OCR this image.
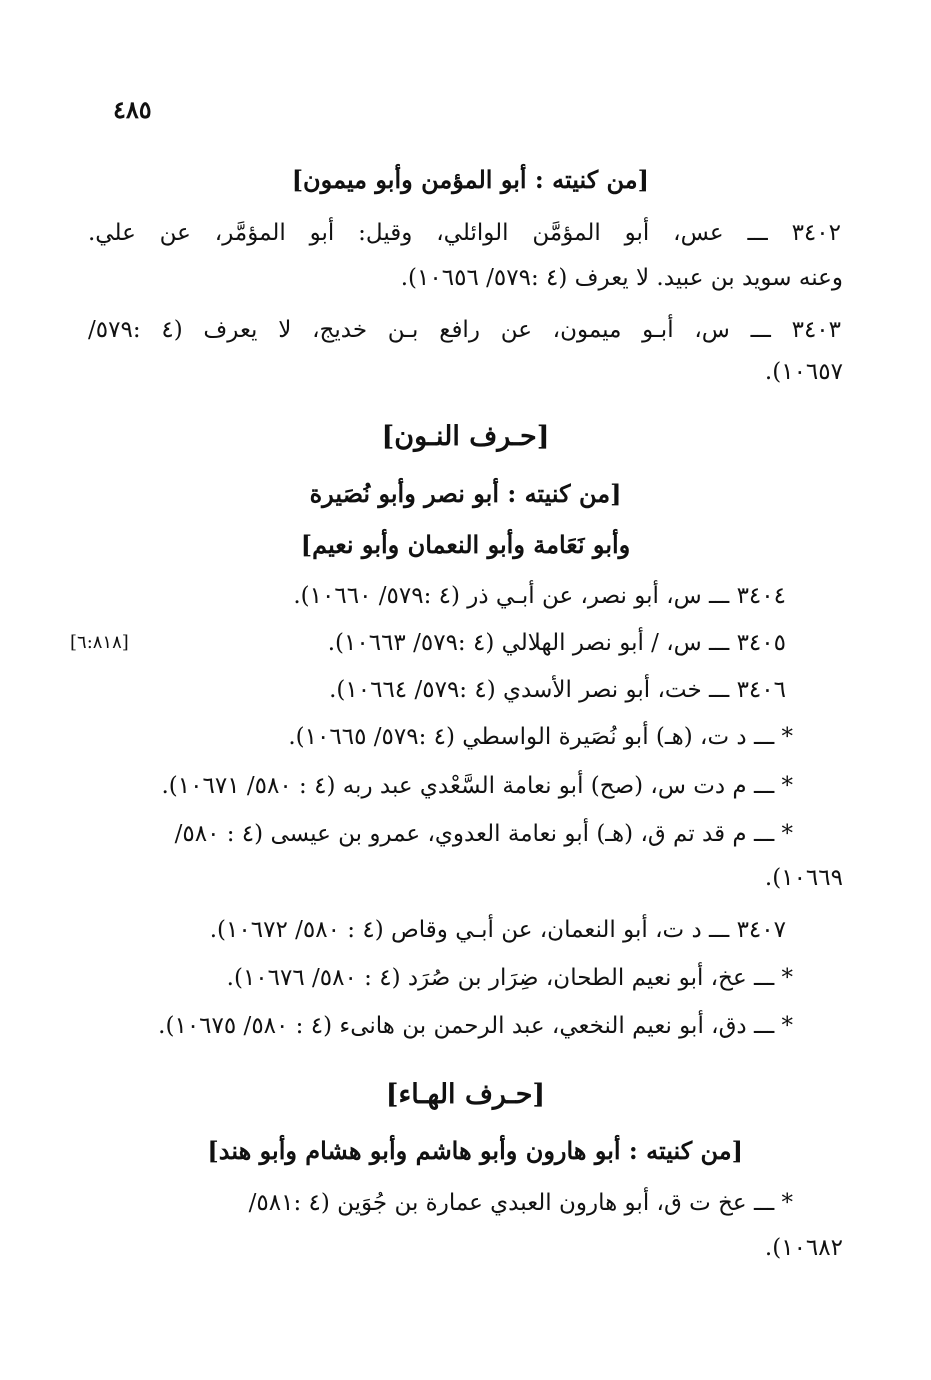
٤٨٥
[من كنيته : أبو المؤمن وأبو ميمون]
٣٤٠٢ ـــ عس، أبو المؤمَّن الوائلي، وقيل: أبو المؤمَّر، عن علي.
وعنه سويد بن عبيد. لا يعرف (٤ :٥٧٩/ ١٠٦٥٦).
٣٤٠٣ ـــ س، أبـو ميمون، عن رافع بـن خديج، لا يعرف (٤ :٥٧٩/
١٠٦٥٧).
[حـرف النـون]
[من كنيته : أبو نصر وأبو نُصَيرة
وأبو نَعَامة وأبو النعمان وأبو نعيم]
٣٤٠٤ ـــ س، أبو نصر، عن أبـي ذر (٤ :٥٧٩/ ١٠٦٦٠).
٣٤٠٥ ـــ س، / أبو نصر الهلالي (٤ :٥٧٩/ ١٠٦٦٣).
[٦:٨١٨]
٣٤٠٦ ـــ خت، أبو نصر الأسدي (٤ :٥٧٩/ ١٠٦٦٤).
* ـــ د ت، (هـ) أبو نُصَيرة الواسطي (٤ :٥٧٩/ ١٠٦٦٥).
* ـــ م دت س، (صح) أبو نعامة السَّعْدي عبد ربه (٤ : ٥٨٠/ ١٠٦٧١).
* ـــ م قد تم ق، (هـ) أبو نعامة العدوي، عمرو بن عيسى (٤ : ٥٨٠/
١٠٦٦٩).
٣٤٠٧ ـــ د ت، أبو النعمان، عن أبـي وقاص (٤ : ٥٨٠/ ١٠٦٧٢).
* ـــ عخ، أبو نعيم الطحان، ضِرَار بن صُرَد (٤ : ٥٨٠/ ١٠٦٧٦).
* ـــ دق، أبو نعيم النخعي، عبد الرحمن بن هانىء (٤ : ٥٨٠/ ١٠٦٧٥).
[حـرف الهـاء]
[من كنيته : أبو هارون وأبو هاشم وأبو هشام وأبو هند]
* ـــ عخ ت ق، أبو هارون العبدي عمارة بن جُوَين (٤ :٥٨١/
١٠٦٨٢).
